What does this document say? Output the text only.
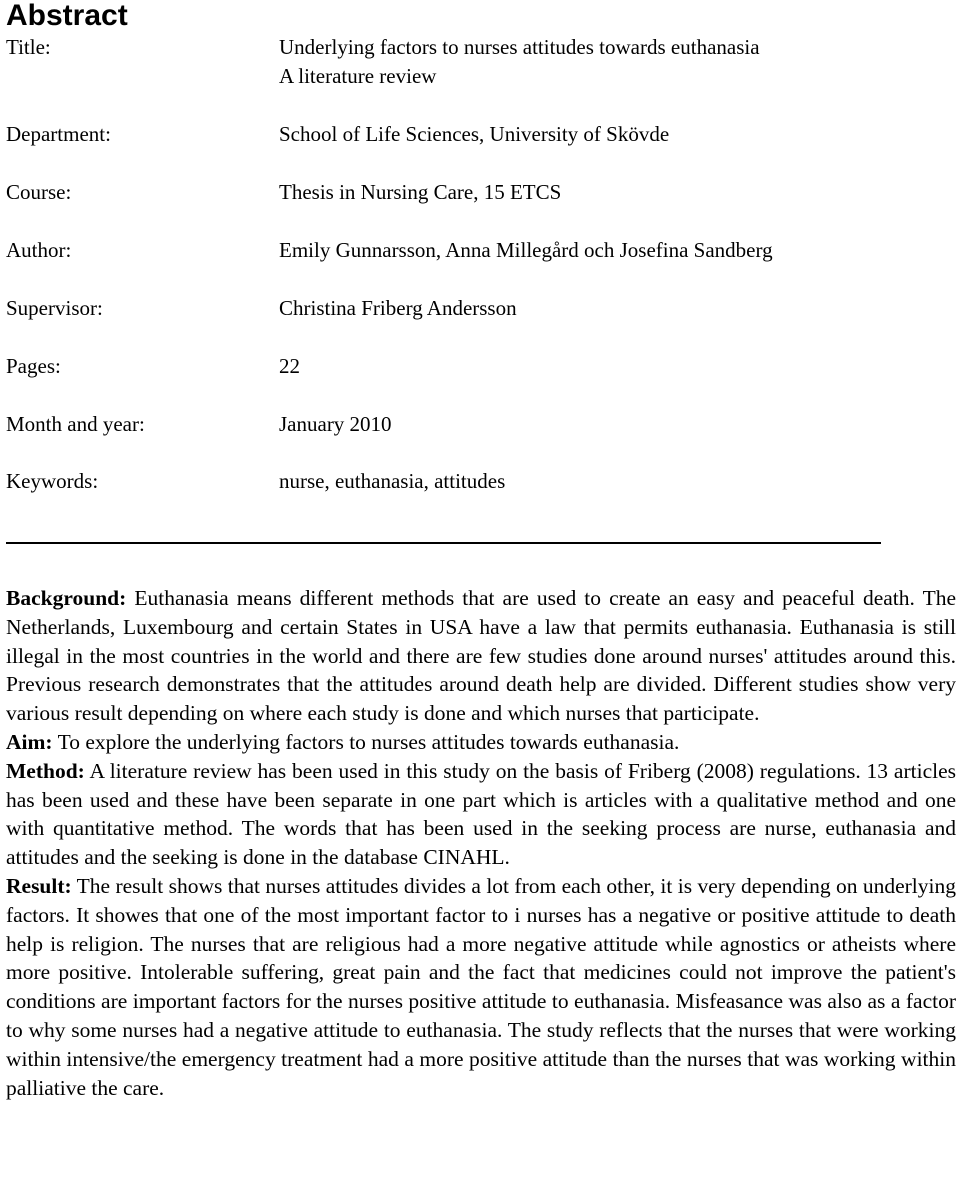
Abstract
Title:	Underlying factors to nurses attitudes towards euthanasia
A literature review
Department:	School of Life Sciences, University of Skövde
Course:	Thesis in Nursing Care, 15 ETCS
Author:	Emily Gunnarsson, Anna Millegård och Josefina Sandberg
Supervisor:	Christina Friberg Andersson
Pages:	22
Month and year:	January 2010
Keywords:	nurse, euthanasia, attitudes

Background: Euthanasia means different methods that are used to create an easy and peaceful death. The Netherlands, Luxembourg and certain States in USA have a law that permits euthanasia. Euthanasia is still illegal in the most countries in the world and there are few studies done around nurses' attitudes around this. Previous research demonstrates that the attitudes around death help are divided. Different studies show very various result depending on where each study is done and which nurses that participate.

Aim: To explore the underlying factors to nurses attitudes towards euthanasia.

Method: A literature review has been used in this study on the basis of Friberg (2008) regulations. 13 articles has been used and these have been separate in one part which is articles with a qualitative method and one with quantitative method. The words that has been used in the seeking process are nurse, euthanasia and attitudes and the seeking is done in the database CINAHL.

Result: The result shows that nurses attitudes divides a lot from each other, it is very depending on underlying factors. It showes that one of the most important factor to i nurses has a negative or positive attitude to death help is religion. The nurses that are religious had a more negative attitude while agnostics or atheists where more positive. Intolerable suffering, great pain and the fact that medicines could not improve the patient's conditions are important factors for the nurses positive attitude to euthanasia. Misfeasance was also as a factor to why some nurses had a negative attitude to euthanasia. The study reflects that the nurses that were working within intensive/the emergency treatment had a more positive attitude than the nurses that was working within palliative the care.
